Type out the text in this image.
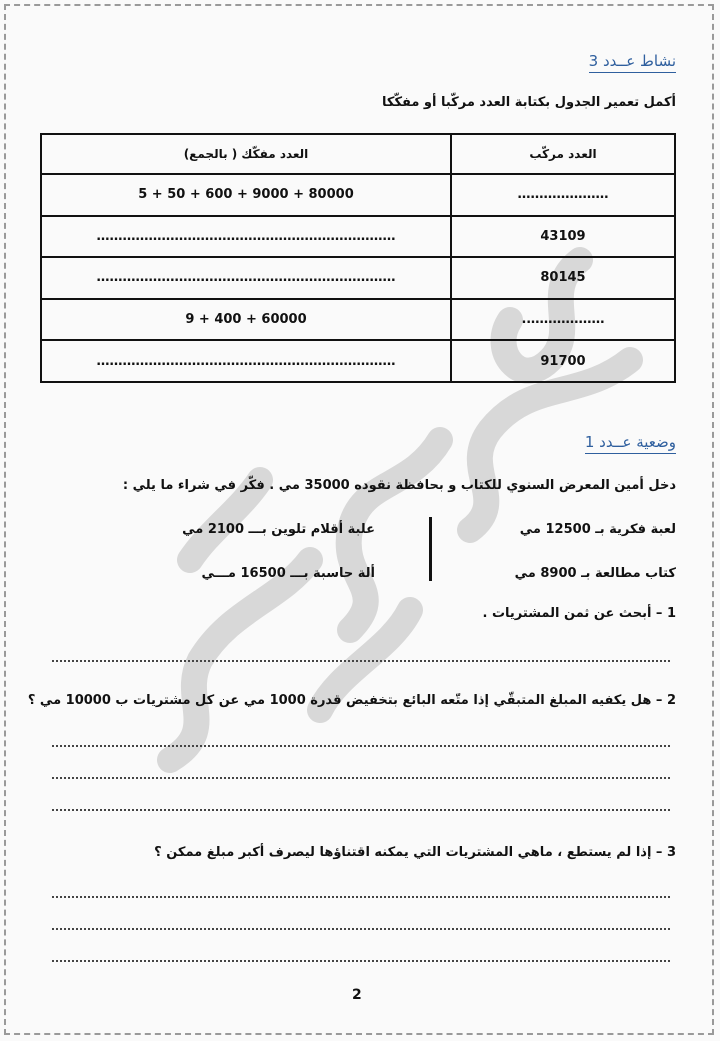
نشاط عــدد 3
أكمل تعمير الجدول بكتابة العدد مركّبا أو مفكّكا
العدد مركّب	العدد مفكّك ( بالجمع)
…………………	80000 + 9000 + 600 + 50 + 5
43109	……………………………………………………………
80145	……………………………………………………………
……………….	60000 + 400 + 9
91700	……………………………………………………………
وضعية عــدد 1
دخل أمين المعرض السنوي للكتاب و بحافظة نقوده 35000 مي . فكّر في شراء ما يلي :
لعبة فكرية بـ 12500 مي
كتاب مطالعة بـ 8900 مي
علبة أقلام تلوين بـــ 2100 مي
ألة حاسبة بـــ 16500 مـــي
1 – أبحث عن ثمن المشتريات .
2 – هل يكفيه المبلغ المتبقّي إذا متّعه البائع بتخفيض قدرة 1000 مي عن كل مشتريات ب 10000 مي ؟
3 – إذا لم يستطع ، ماهي المشتريات التي يمكنه اقتناؤها ليصرف أكبر مبلغ ممكن ؟
2
